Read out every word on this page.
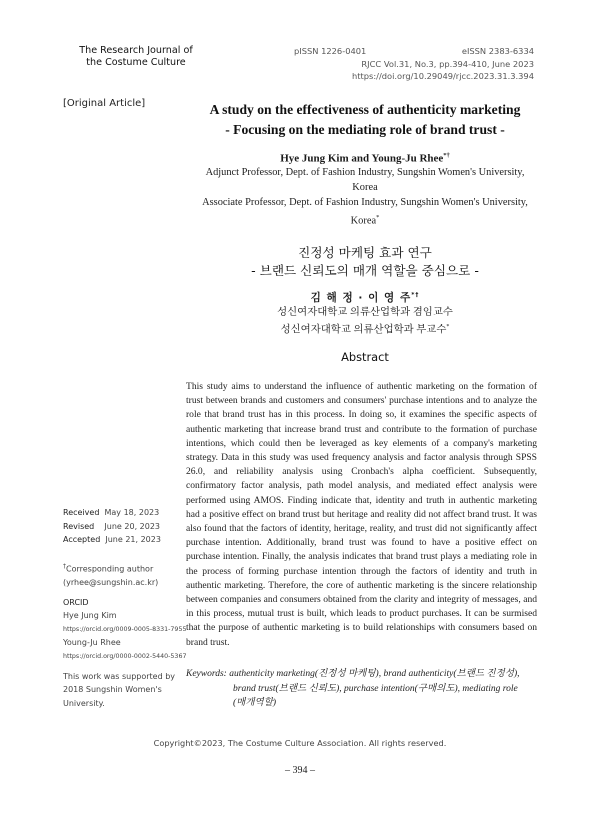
The Research Journal of
the Costume Culture
pISSN 1226-0401	eISSN 2383-6334
RJCC Vol.31, No.3, pp.394-410, June 2023
https://doi.org/10.29049/rjcc.2023.31.3.394
[Original Article]	A study on the effectiveness of authenticity marketing
- Focusing on the mediating role of brand trust -
Hye Jung Kim and Young-Ju Rhee*†
Adjunct Professor, Dept. of Fashion Industry, Sungshin Women's University,
Korea
Associate Professor, Dept. of Fashion Industry, Sungshin Women's University,
Korea*
진정성 마케팅 효과 연구
- 브랜드 신뢰도의 매개 역할을 중심으로 -
김 해 정 · 이 영 주*†
성신여자대학교 의류산업학과 겸임교수
성신여자대학교 의류산업학과 부교수*
Abstract
This study aims to understand the influence of authentic marketing on the formation of trust between brands and customers and consumers' purchase intentions and to analyze the role that brand trust has in this process. In doing so, it examines the specific aspects of authentic marketing that increase brand trust and contribute to the formation of purchase intentions, which could then be leveraged as key elements of a company's marketing strategy. Data in this study was used frequency analysis and factor analysis through SPSS 26.0, and reliability analysis using Cronbach's alpha coefficient. Subsequently, confirmatory factor analysis, path model analysis, and mediated effect analysis were performed using AMOS. Finding indicate that, identity and truth in authentic marketing had a positive effect on brand trust but heritage and reality did not affect brand trust. It was also found that the factors of identity, heritage, reality, and trust did not significantly affect purchase intention. Additionally, brand trust was found to have a positive effect on purchase intention. Finally, the analysis indicates that brand trust plays a mediating role in the process of forming purchase intention through the factors of identity and truth in authentic marketing. Therefore, the core of authentic marketing is the sincere relationship between companies and consumers obtained from the clarity and integrity of messages, and in this process, mutual trust is built, which leads to product purchases. It can be surmised that the purpose of authentic marketing is to build relationships with consumers based on brand trust.
Keywords: authenticity marketing(진정성 마케팅), brand authenticity(브랜드 진정성),
brand trust(브랜드 신뢰도), purchase intention(구매의도), mediating role
(매개역할)
Received May 18, 2023
Revised June 20, 2023
Accepted June 21, 2023
†Corresponding author
(yrhee@sungshin.ac.kr)
ORCID
Hye Jung Kim
https://orcid.org/0009-0005-8331-7955
Young-Ju Rhee
https://orcid.org/0000-0002-5440-5367
This work was supported by
2018 Sungshin Women's
University.
Copyright©2023, The Costume Culture Association. All rights reserved.
– 394 –
